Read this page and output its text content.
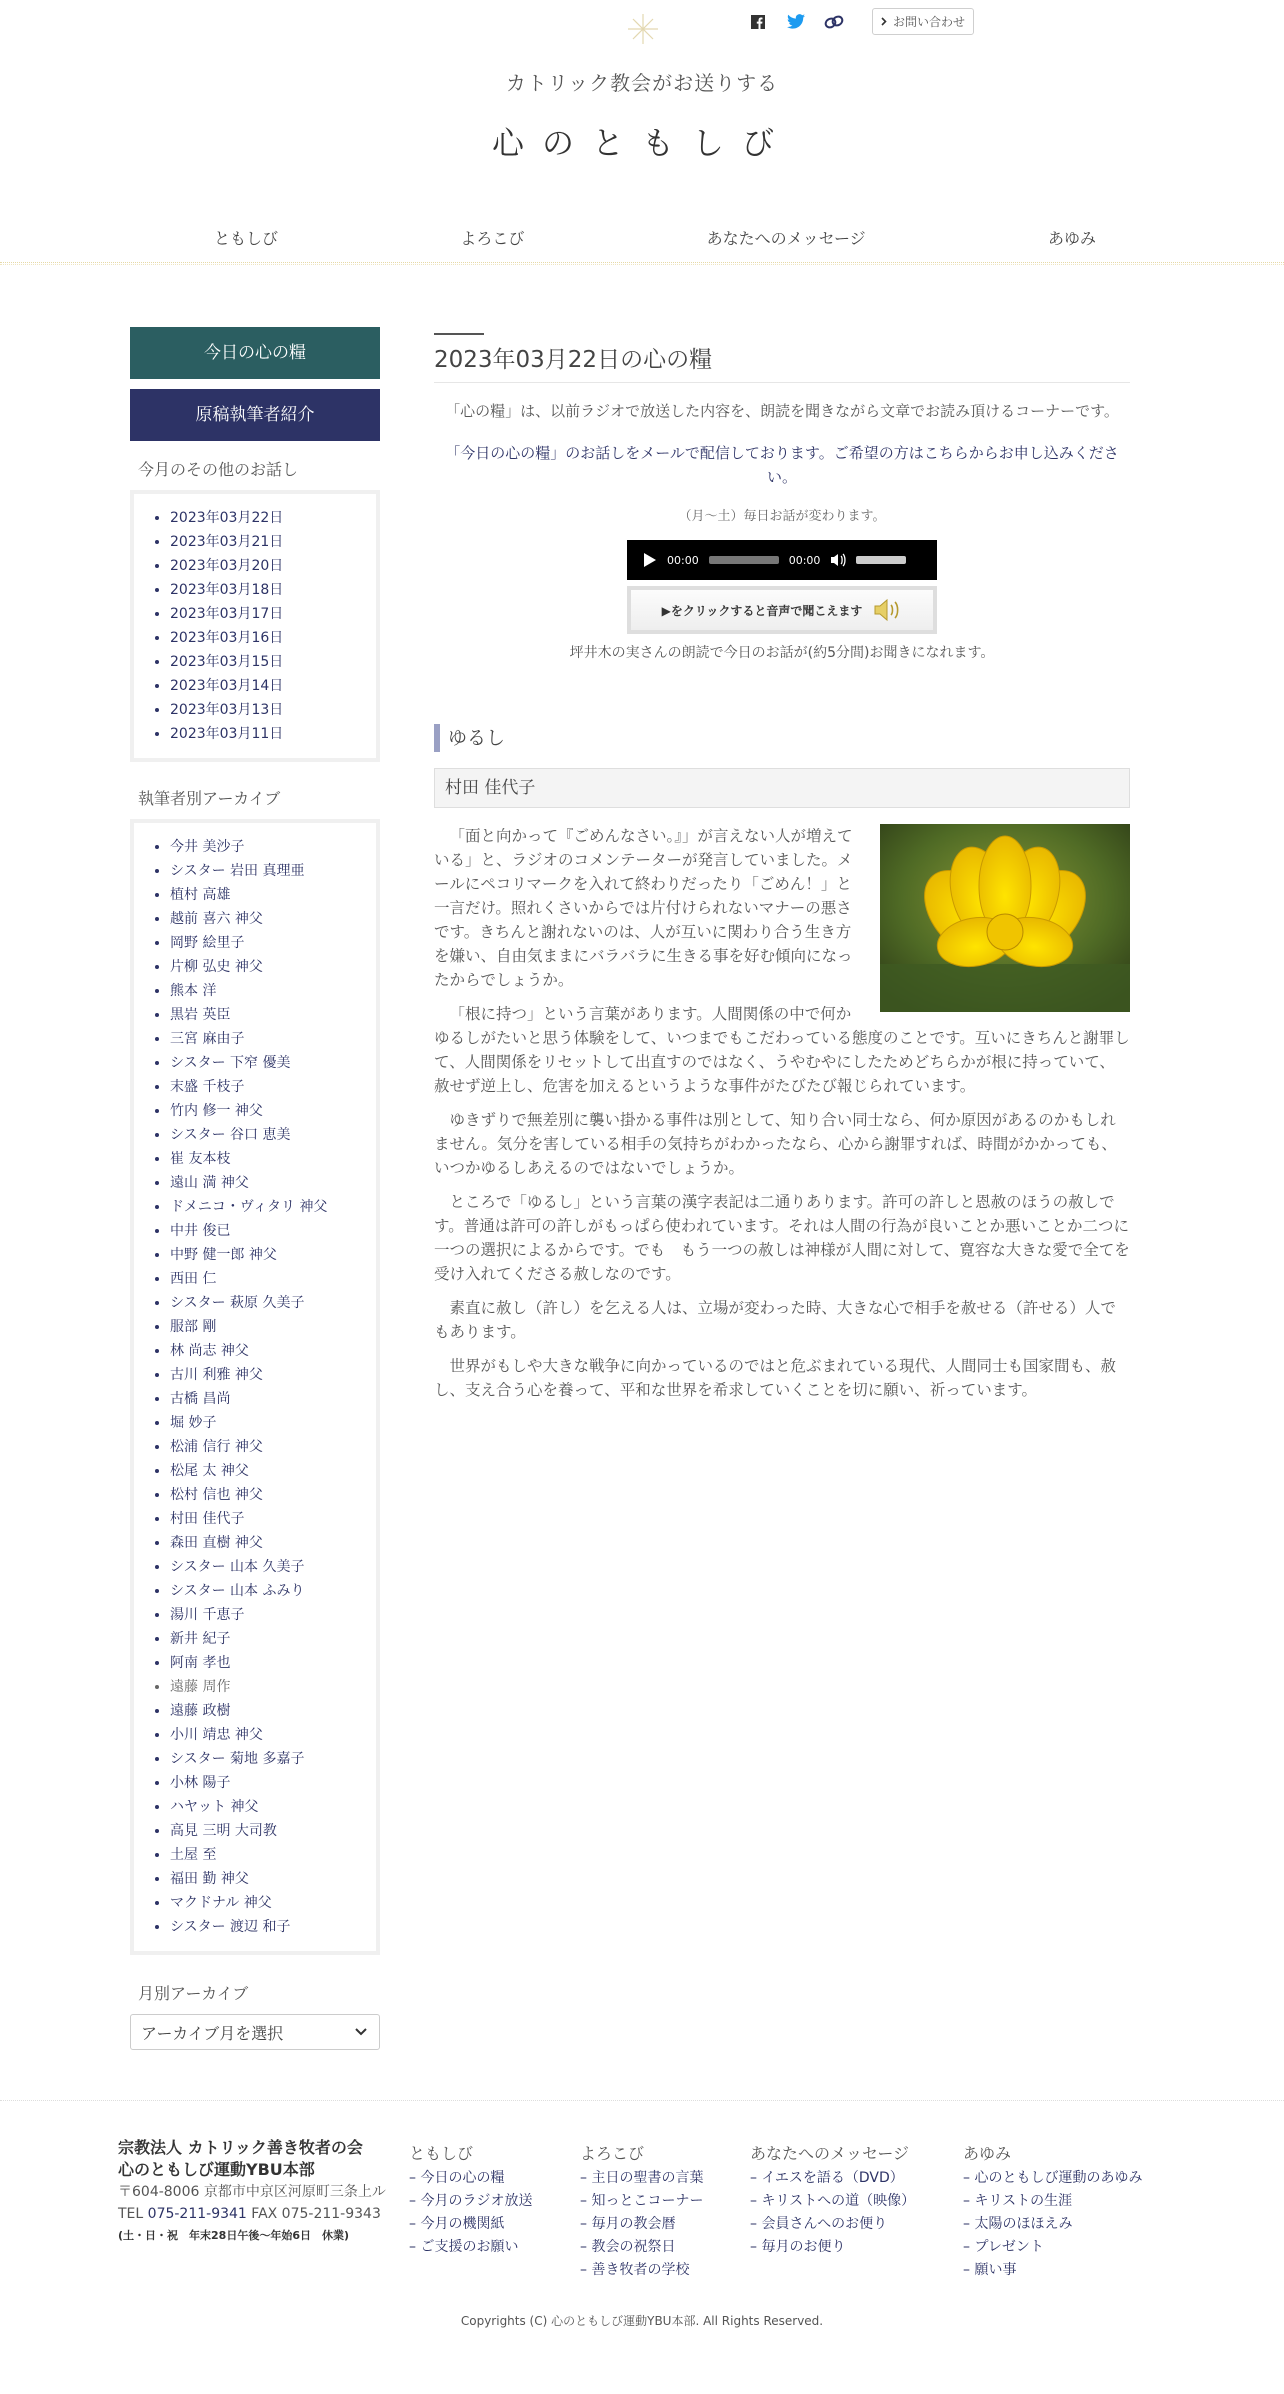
お問い合わせ
カトリック教会がお送りする
心のともしび
ともしび	よろこび	あなたへのメッセージ	あゆみ
今日の心の糧
原稿執筆者紹介
今月のその他のお話し
• 2023年03月22日
• 2023年03月21日
• 2023年03月20日
• 2023年03月18日
• 2023年03月17日
• 2023年03月16日
• 2023年03月15日
• 2023年03月14日
• 2023年03月13日
• 2023年03月11日
執筆者別アーカイブ
• 今井 美沙子
• シスター 岩田 真理亜
• 植村 高雄
• 越前 喜六 神父
• 岡野 絵里子
• 片柳 弘史 神父
• 熊本 洋
• 黒岩 英臣
• 三宮 麻由子
• シスター 下窄 優美
• 末盛 千枝子
• 竹内 修一 神父
• シスター 谷口 恵美
• 崔 友本枝
• 遠山 満 神父
• ドメニコ・ヴィタリ 神父
• 中井 俊已
• 中野 健一郎 神父
• 西田 仁
• シスター 萩原 久美子
• 服部 剛
• 林 尚志 神父
• 古川 利雅 神父
• 古橋 昌尚
• 堀 妙子
• 松浦 信行 神父
• 松尾 太 神父
• 松村 信也 神父
• 村田 佳代子
• 森田 直樹 神父
• シスター 山本 久美子
• シスター 山本 ふみり
• 湯川 千恵子
• 新井 紀子
• 阿南 孝也
• 遠藤 周作
• 遠藤 政樹
• 小川 靖忠 神父
• シスター 菊地 多嘉子
• 小林 陽子
• ハヤット 神父
• 高見 三明 大司教
• 土屋 至
• 福田 勤 神父
• マクドナル 神父
• シスター 渡辺 和子
月別アーカイブ
アーカイブ月を選択
2023年03月22日の心の糧

「心の糧」は、以前ラジオで放送した内容を、朗読を聞きながら文章でお読み頂けるコーナーです。

「今日の心の糧」のお話しをメールで配信しております。ご希望の方はこちらからお申し込みください。

（月～土）毎日お話が変わります。

00:00	00:00
▶をクリックすると音声で聞こえます

坪井木の実さんの朗読で今日のお話が(約5分間)お聞きになれます。

ゆるし
村田 佳代子

「面と向かって『ごめんなさい。』」が言えない人が増えている」と、ラジオのコメンテーターが発言していました。メールにペコリマークを入れて終わりだったり「ごめん！」と一言だけ。照れくさいからでは片付けられないマナーの悪さです。きちんと謝れないのは、人が互いに関わり合う生き方を嫌い、自由気ままにバラバラに生きる事を好む傾向になったからでしょうか。

「根に持つ」という言葉があります。人間関係の中で何かゆるしがたいと思う体験をして、いつまでもこだわっている態度のことです。互いにきちんと謝罪して、人間関係をリセットして出直すのではなく、うやむやにしたためどちらかが根に持っていて、赦せず逆上し、危害を加えるというような事件がたびたび報じられています。

ゆきずりで無差別に襲い掛かる事件は別として、知り合い同士なら、何か原因があるのかもしれません。気分を害している相手の気持ちがわかったなら、心から謝罪すれば、時間がかかっても、いつかゆるしあえるのではないでしょうか。

ところで「ゆるし」という言葉の漢字表記は二通りあります。許可の許しと恩赦のほうの赦しです。普通は許可の許しがもっぱら使われています。それは人間の行為が良いことか悪いことか二つに一つの選択によるからです。でも　もう一つの赦しは神様が人間に対して、寛容な大きな愛で全てを受け入れてくださる赦しなのです。

素直に赦し（許し）を乞える人は、立場が変わった時、大きな心で相手を赦せる（許せる）人でもあります。

世界がもしや大きな戦争に向かっているのではと危ぶまれている現代、人間同士も国家間も、赦し、支え合う心を養って、平和な世界を希求していくことを切に願い、祈っています。

宗教法人 カトリック善き牧者の会
心のともしび運動YBU本部
〒604-8006 京都市中京区河原町三条上ル
TEL 075-211-9341 FAX 075-211-9343
(土・日・祝　年末28日午後〜年始6日　休業)
ともしび
– 今日の心の糧
– 今月のラジオ放送
– 今月の機関紙
– ご支援のお願い
よろこび
– 主日の聖書の言葉
– 知っとこコーナー
– 毎月の教会暦
– 教会の祝祭日
– 善き牧者の学校
あなたへのメッセージ
– イエスを語る（DVD）
– キリストへの道（映像）
– 会員さんへのお便り
– 毎月のお便り
あゆみ
– 心のともしび運動のあゆみ
– キリストの生涯
– 太陽のほほえみ
– プレゼント
– 願い事
Copyrights (C) 心のともしび運動YBU本部. All Rights Reserved.
